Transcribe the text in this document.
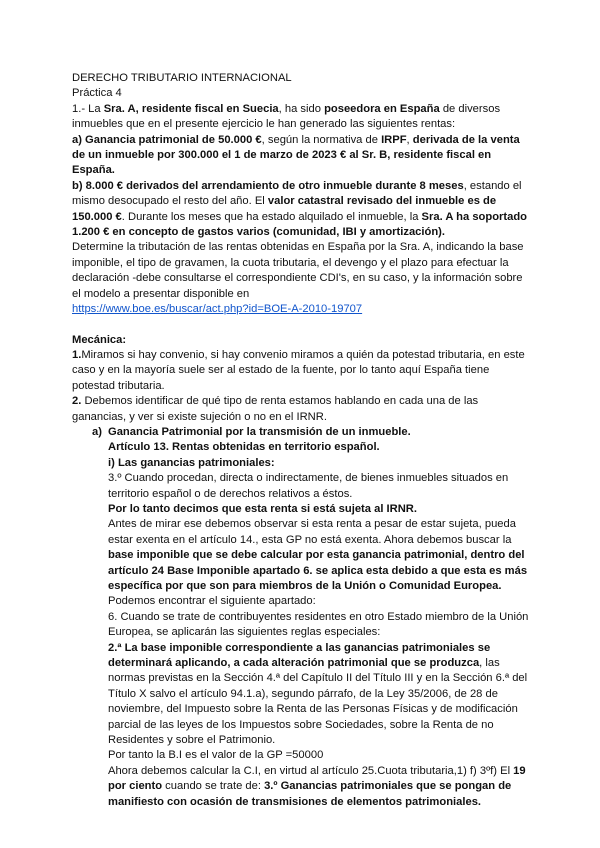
DERECHO TRIBUTARIO INTERNACIONAL

Práctica 4

1.- La Sra. A, residente fiscal en Suecia, ha sido poseedora en España de diversos inmuebles que en el presente ejercicio le han generado las siguientes rentas:

a) Ganancia patrimonial de 50.000 €, según la normativa de IRPF, derivada de la venta de un inmueble por 300.000 el 1 de marzo de 2023 € al Sr. B, residente fiscal en España.

b) 8.000 € derivados del arrendamiento de otro inmueble durante 8 meses, estando el mismo desocupado el resto del año. El valor catastral revisado del inmueble es de 150.000 €. Durante los meses que ha estado alquilado el inmueble, la Sra. A ha soportado 1.200 € en concepto de gastos varios (comunidad, IBI y amortización).

Determine la tributación de las rentas obtenidas en España por la Sra. A, indicando la base imponible, el tipo de gravamen, la cuota tributaria, el devengo y el plazo para efectuar la declaración -debe consultarse el correspondiente CDI's, en su caso, y la información sobre el modelo a presentar disponible en

https://www.boe.es/buscar/act.php?id=BOE-A-2010-19707

Mecánica:

1.Miramos si hay convenio, si hay convenio miramos a quién da potestad tributaria, en este caso y en la mayoría suele ser al estado de la fuente, por lo tanto aquí España tiene potestad tributaria.

2. Debemos identificar de qué tipo de renta estamos hablando en cada una de las ganancias, y ver si existe sujeción o no en el IRNR.

a) Ganancia Patrimonial por la transmisión de un inmueble.

Artículo 13. Rentas obtenidas en territorio español.

i) Las ganancias patrimoniales:

3.º Cuando procedan, directa o indirectamente, de bienes inmuebles situados en territorio español o de derechos relativos a éstos.

Por lo tanto decimos que esta renta si está sujeta al IRNR.

Antes de mirar ese debemos observar si esta renta a pesar de estar sujeta, pueda estar exenta en el artículo 14., esta GP no está exenta. Ahora debemos buscar la base imponible que se debe calcular por esta ganancia patrimonial, dentro del artículo 24 Base Imponible apartado 6. se aplica esta debido a que esta es más específica por que son para miembros de la Unión o Comunidad Europea.

Podemos encontrar el siguiente apartado:

6. Cuando se trate de contribuyentes residentes en otro Estado miembro de la Unión Europea, se aplicarán las siguientes reglas especiales:

2.ª La base imponible correspondiente a las ganancias patrimoniales se determinará aplicando, a cada alteración patrimonial que se produzca, las normas previstas en la Sección 4.ª del Capítulo II del Título III y en la Sección 6.ª del Título X salvo el artículo 94.1.a), segundo párrafo, de la Ley 35/2006, de 28 de noviembre, del Impuesto sobre la Renta de las Personas Físicas y de modificación parcial de las leyes de los Impuestos sobre Sociedades, sobre la Renta de no Residentes y sobre el Patrimonio.

Por tanto la B.I es el valor de la GP =50000

Ahora debemos calcular la C.I, en virtud al artículo 25.Cuota tributaria,1) f) 3ºf) El 19 por ciento cuando se trate de: 3.º Ganancias patrimoniales que se pongan de manifiesto con ocasión de transmisiones de elementos patrimoniales.
